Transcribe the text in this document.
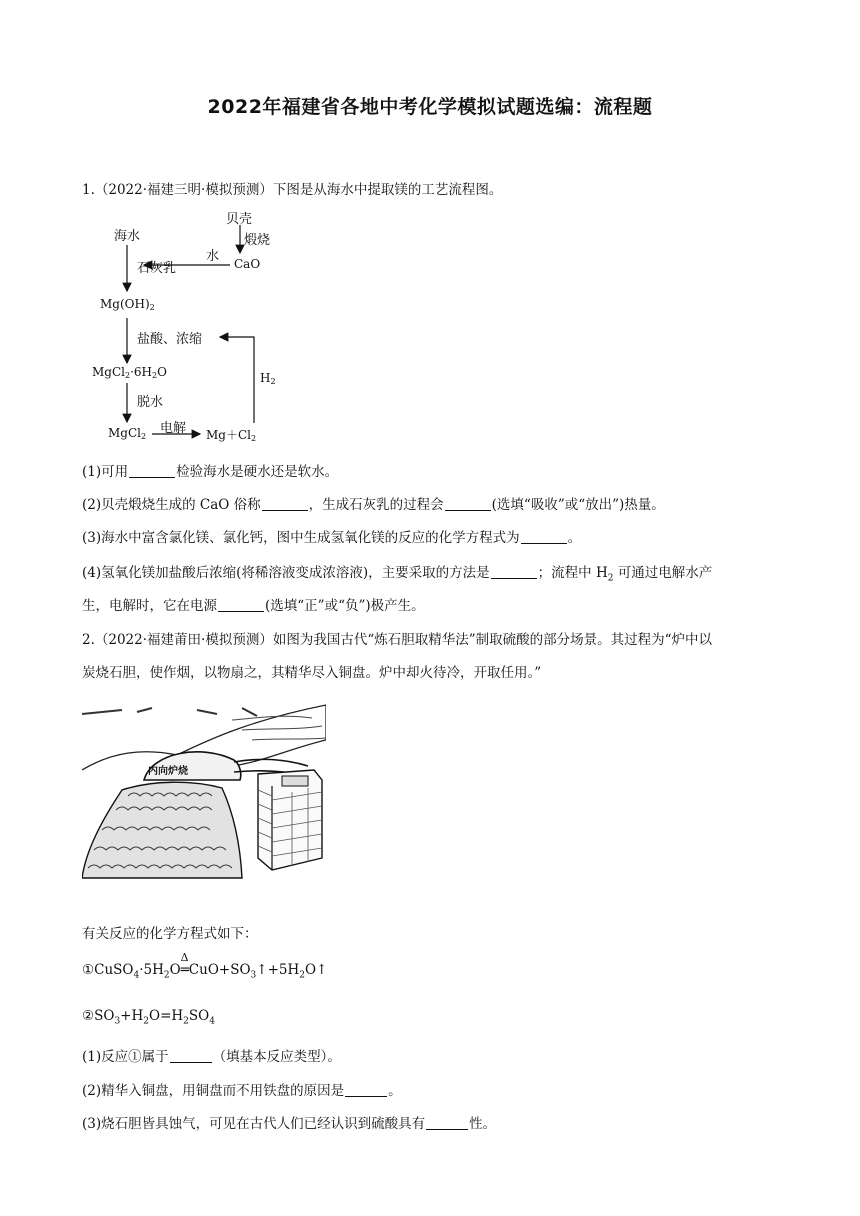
2022年福建省各地中考化学模拟试题选编：流程题
1.（2022·福建三明·模拟预测）下图是从海水中提取镁的工艺流程图。
海水
贝壳
煅烧
水 CaO
石灰乳
Mg(OH)2
盐酸、浓缩
MgCl2·6H2O
脱水
H2
MgCl2
电解 Mg＋Cl2
(1)可用	检验海水是硬水还是软水。
(2)贝壳煅烧生成的 CaO 俗称	，生成石灰乳的过程会	(选填“吸收”或“放出”)热量。
(3)海水中富含氯化镁、氯化钙，图中生成氢氧化镁的反应的化学方程式为	。
(4)氢氧化镁加盐酸后浓缩(将稀溶液变成浓溶液)，主要采取的方法是	；流程中 $H_2$ 可通过电解水产
生，电解时，它在电源	(选填“正”或“负”)极产生。
2.（2022·福建莆田·模拟预测）如图为我国古代“炼石胆取精华法”制取硫酸的部分场景。其过程为“炉中以
炭烧石胆，使作烟，以物扇之，其精华尽入铜盘。炉中却火待冷，开取任用。”
内向炉烧
有关反应的化学方程式如下：
$①CuSO_4\cdot 5H_2O$
Δ
$═CuO+SO_3↑+5H_2O↑$
$②SO_3+H_2O=H_2SO_4$
(1)反应①属于	（填基本反应类型）。
(2)精华入铜盘，用铜盘而不用铁盘的原因是	。
(3)烧石胆皆具蚀气，可见在古代人们已经认识到硫酸具有	性。
